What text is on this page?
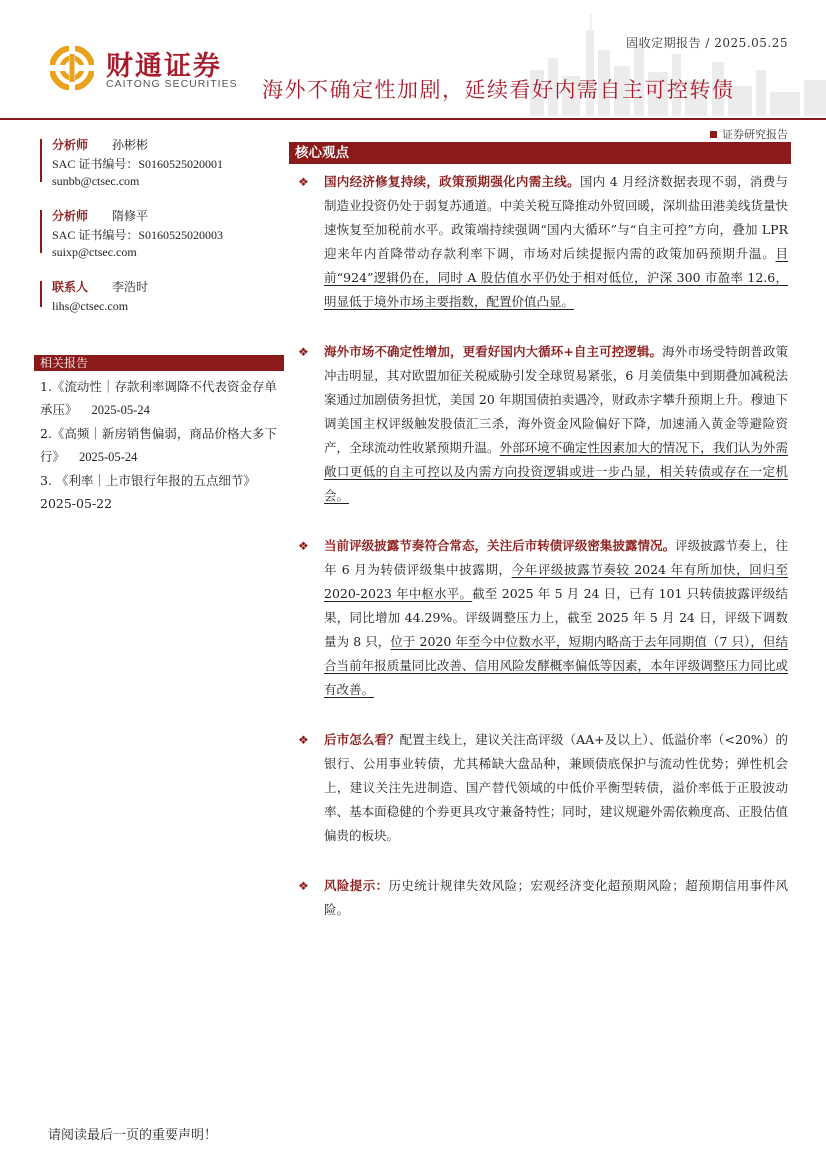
固收定期报告 / 2025.05.25
财通证券
CAITONG SECURITIES 海外不确定性加剧，延续看好内需自主可控转债
证券研究报告
分析师 孙彬彬
SAC 证书编号：S0160525020001
sunbb@ctsec.com
分析师 隋修平
SAC 证书编号：S0160525020003
suixp@ctsec.com
联系人 李浩时
lihs@ctsec.com
相关报告
1.《流动性｜存款利率调降不代表资金存单承压》 2025-05-24
2.《高频｜新房销售偏弱，商品价格大多下行》 2025-05-24
3. 《利率｜上市银行年报的五点细节》
2025-05-22
核心观点
❖ 国内经济修复持续，政策预期强化内需主线。国内 4 月经济数据表现不弱，消费与制造业投资仍处于弱复苏通道。中美关税互降推动外贸回暖，深圳盐田港美线货量快速恢复至加税前水平。政策端持续强调“国内大循环”与“自主可控”方向，叠加 LPR 迎来年内首降带动存款利率下调，市场对后续提振内需的政策加码预期升温。目前“924”逻辑仍在，同时 A 股估值水平仍处于相对低位，沪深 300 市盈率 12.6，明显低于境外市场主要指数，配置价值凸显。
❖ 海外市场不确定性增加，更看好国内大循环+自主可控逻辑。海外市场受特朗普政策冲击明显，其对欧盟加征关税威胁引发全球贸易紧张，6 月美债集中到期叠加减税法案通过加剧债务担忧，美国 20 年期国债拍卖遇冷，财政赤字攀升预期上升。穆迪下调美国主权评级触发股债汇三杀，海外资金风险偏好下降，加速涌入黄金等避险资产，全球流动性收紧预期升温。外部环境不确定性因素加大的情况下，我们认为外需敞口更低的自主可控以及内需方向投资逻辑或进一步凸显，相关转债或存在一定机会。
❖ 当前评级披露节奏符合常态，关注后市转债评级密集披露情况。评级披露节奏上，往年 6 月为转债评级集中披露期，今年评级披露节奏较 2024 年有所加快，回归至 2020-2023 年中枢水平。截至 2025 年 5 月 24 日，已有 101 只转债披露评级结果，同比增加 44.29%。评级调整压力上，截至 2025 年 5 月 24 日，评级下调数量为 8 只，位于 2020 年至今中位数水平，短期内略高于去年同期值（7 只），但结合当前年报质量同比改善、信用风险发酵概率偏低等因素，本年评级调整压力同比或有改善。
❖ 后市怎么看？配置主线上，建议关注高评级（AA+及以上）、低溢价率（<20%）的银行、公用事业转债，尤其稀缺大盘品种，兼顾债底保护与流动性优势；弹性机会上，建议关注先进制造、国产替代领域的中低价平衡型转债，溢价率低于正股波动率、基本面稳健的个券更具攻守兼备特性；同时，建议规避外需依赖度高、正股估值偏贵的板块。
❖ 风险提示：历史统计规律失效风险；宏观经济变化超预期风险；超预期信用事件风险。
请阅读最后一页的重要声明！
